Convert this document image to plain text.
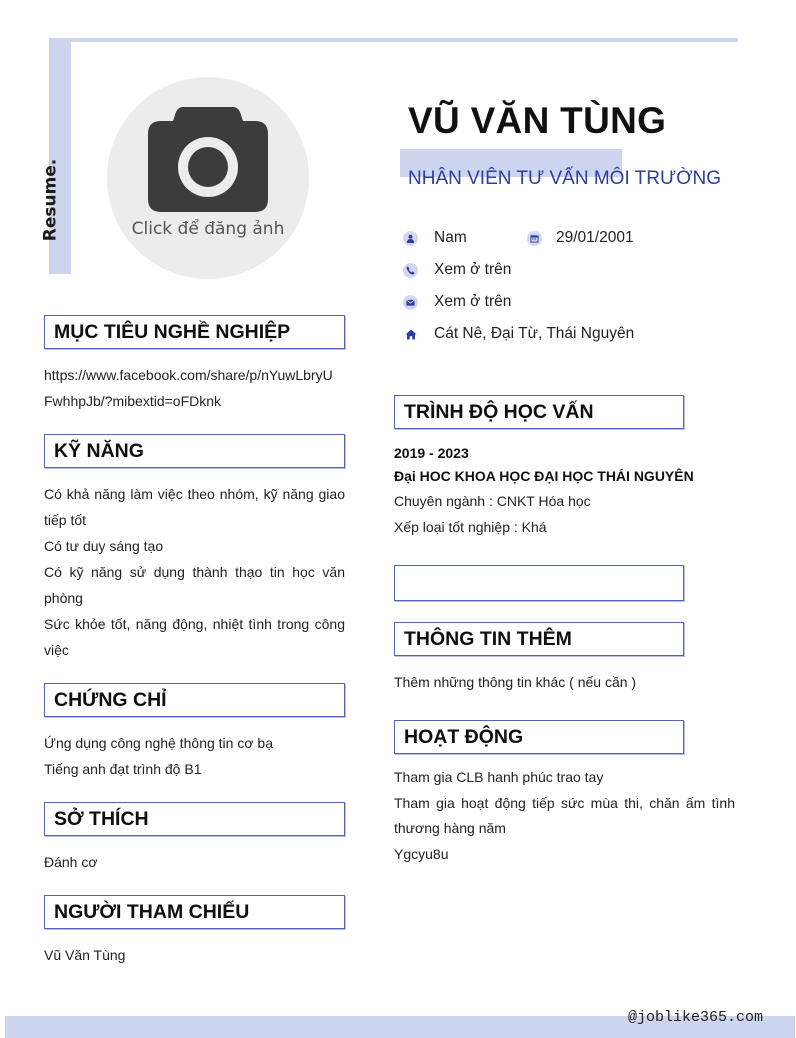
Resume.	Click để đăng ảnh
VŨ VĂN TÙNG
NHÂN VIÊN TƯ VẤN MÔI TRƯỜNG
Nam	29/01/2001
Xem ở trên
Xem ở trên
Cát Nê, Đại Từ, Thái Nguyên
MỤC TIÊU NGHỀ NGHIỆP
https://www.facebook.com/share/p/nYuwLbryU
FwhhpJb/?mibextid=oFDknk
KỸ NĂNG
Có khả năng làm việc theo nhóm, kỹ năng giao tiếp tốt
Có tư duy sáng tạo
Có kỹ năng sử dụng thành thạo tin học văn phòng
Sức khỏe tốt, năng động, nhiệt tình trong công việc
CHỨNG CHỈ
Ứng dụng công nghệ thông tin cơ bạ
Tiếng anh đạt trình độ B1
SỞ THÍCH
Đánh cơ
NGƯỜI THAM CHIẾU
Vũ Văn Tùng
TRÌNH ĐỘ HỌC VẤN
2019 - 2023
Đại HOC KHOA HỌC ĐẠI HỌC THÁI NGUYÊN
Chuyên ngành : CNKT Hóa học
Xếp loại tốt nghiệp : Khá
THÔNG TIN THÊM
Thêm những thông tin khác ( nếu cần )
HOẠT ĐỘNG
Tham gia CLB hanh phúc trao tay
Tham gia hoạt động tiếp sức mùa thi, chăn ấm tình thương hàng năm
Ygcyu8u
@joblike365.com
